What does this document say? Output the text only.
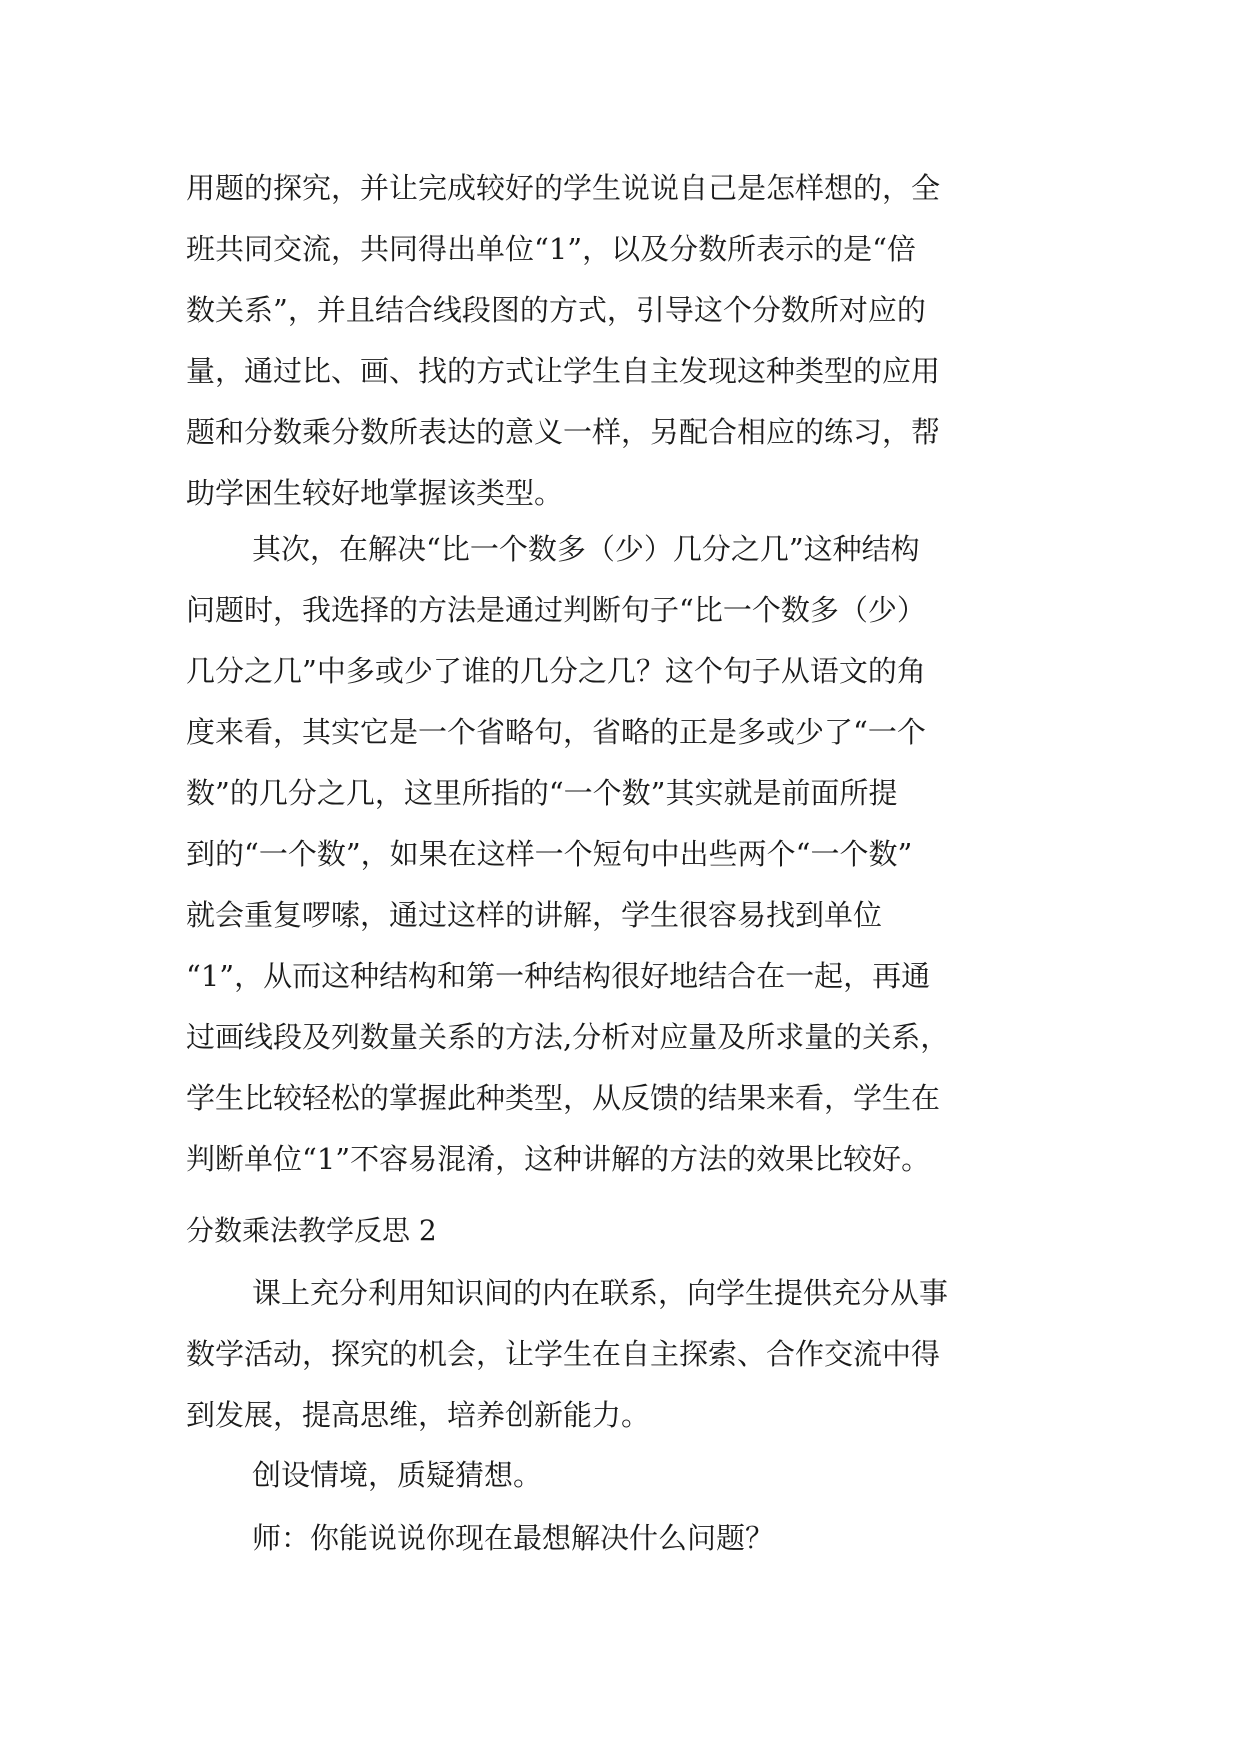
用题的探究，并让完成较好的学生说说自己是怎样想的，全
班共同交流，共同得出单位“1”，以及分数所表示的是“倍
数关系”，并且结合线段图的方式，引导这个分数所对应的
量，通过比、画、找的方式让学生自主发现这种类型的应用
题和分数乘分数所表达的意义一样，另配合相应的练习，帮
助学困生较好地掌握该类型。
其次，在解决“比一个数多（少）几分之几”这种结构
问题时，我选择的方法是通过判断句子“比一个数多（少）
几分之几”中多或少了谁的几分之几？这个句子从语文的角
度来看，其实它是一个省略句，省略的正是多或少了“一个
数”的几分之几，这里所指的“一个数”其实就是前面所提
到的“一个数”，如果在这样一个短句中出些两个“一个数”
就会重复啰嗦，通过这样的讲解，学生很容易找到单位
“1”，从而这种结构和第一种结构很好地结合在一起，再通
过画线段及列数量关系的方法,分析对应量及所求量的关系，
学生比较轻松的掌握此种类型，从反馈的结果来看，学生在
判断单位“1”不容易混淆，这种讲解的方法的效果比较好。
分数乘法教学反思 2
课上充分利用知识间的内在联系，向学生提供充分从事
数学活动，探究的机会，让学生在自主探索、合作交流中得
到发展，提高思维，培养创新能力。
创设情境，质疑猜想。
师：你能说说你现在最想解决什么问题？
